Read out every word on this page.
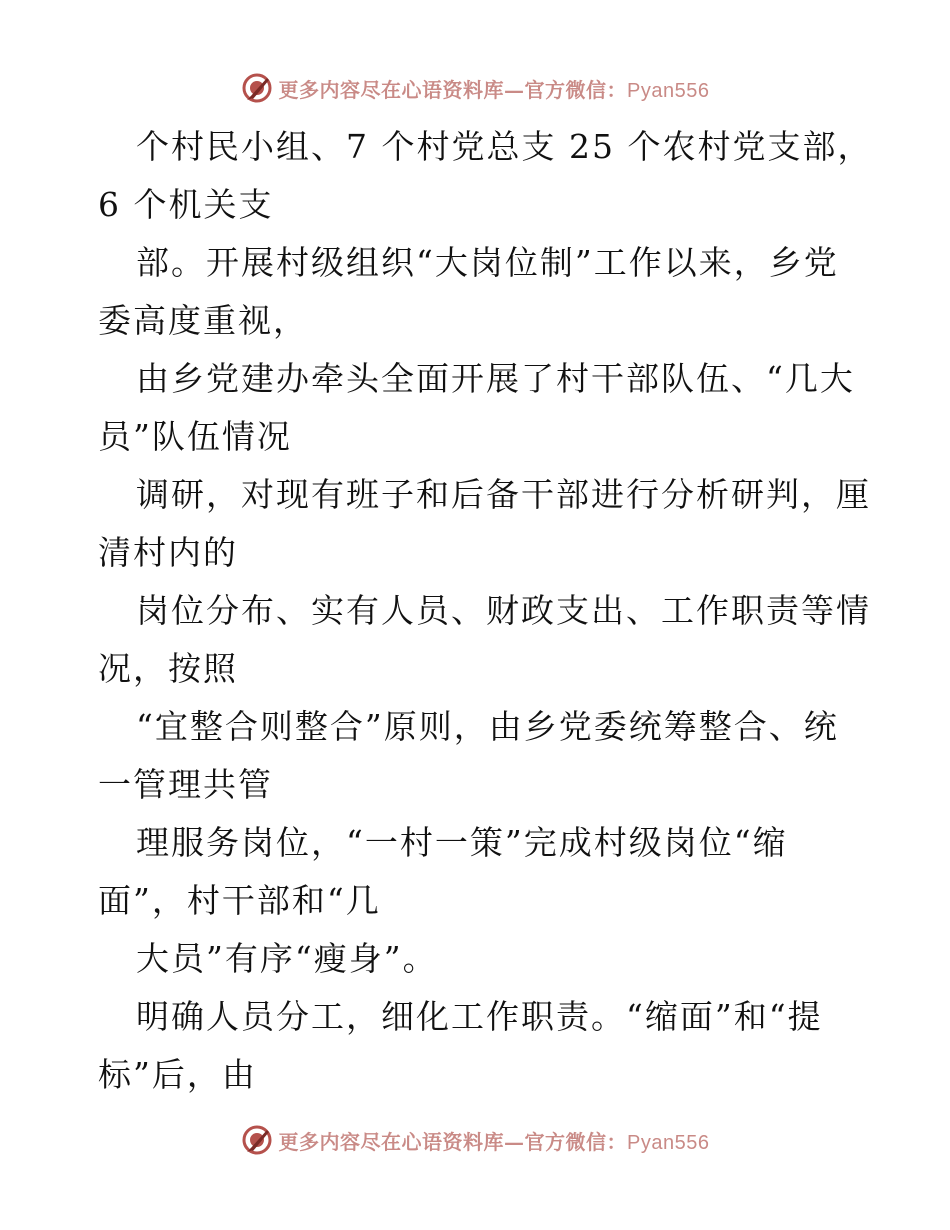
更多内容尽在心语资料库—官方微信：Pyan556
个村民小组、7 个村党总支 25 个农村党支部，
6 个机关支
部。开展村级组织“大岗位制”工作以来，乡党
委高度重视，
由乡党建办牵头全面开展了村干部队伍、“几大
员”队伍情况
调研，对现有班子和后备干部进行分析研判，厘
清村内的
岗位分布、实有人员、财政支出、工作职责等情
况，按照
“宜整合则整合”原则，由乡党委统筹整合、统
一管理共管
理服务岗位，“一村一策”完成村级岗位“缩
面”，村干部和“几
大员”有序“瘦身”。
明确人员分工，细化工作职责。“缩面”和“提
标”后，由
更多内容尽在心语资料库—官方微信：Pyan556
